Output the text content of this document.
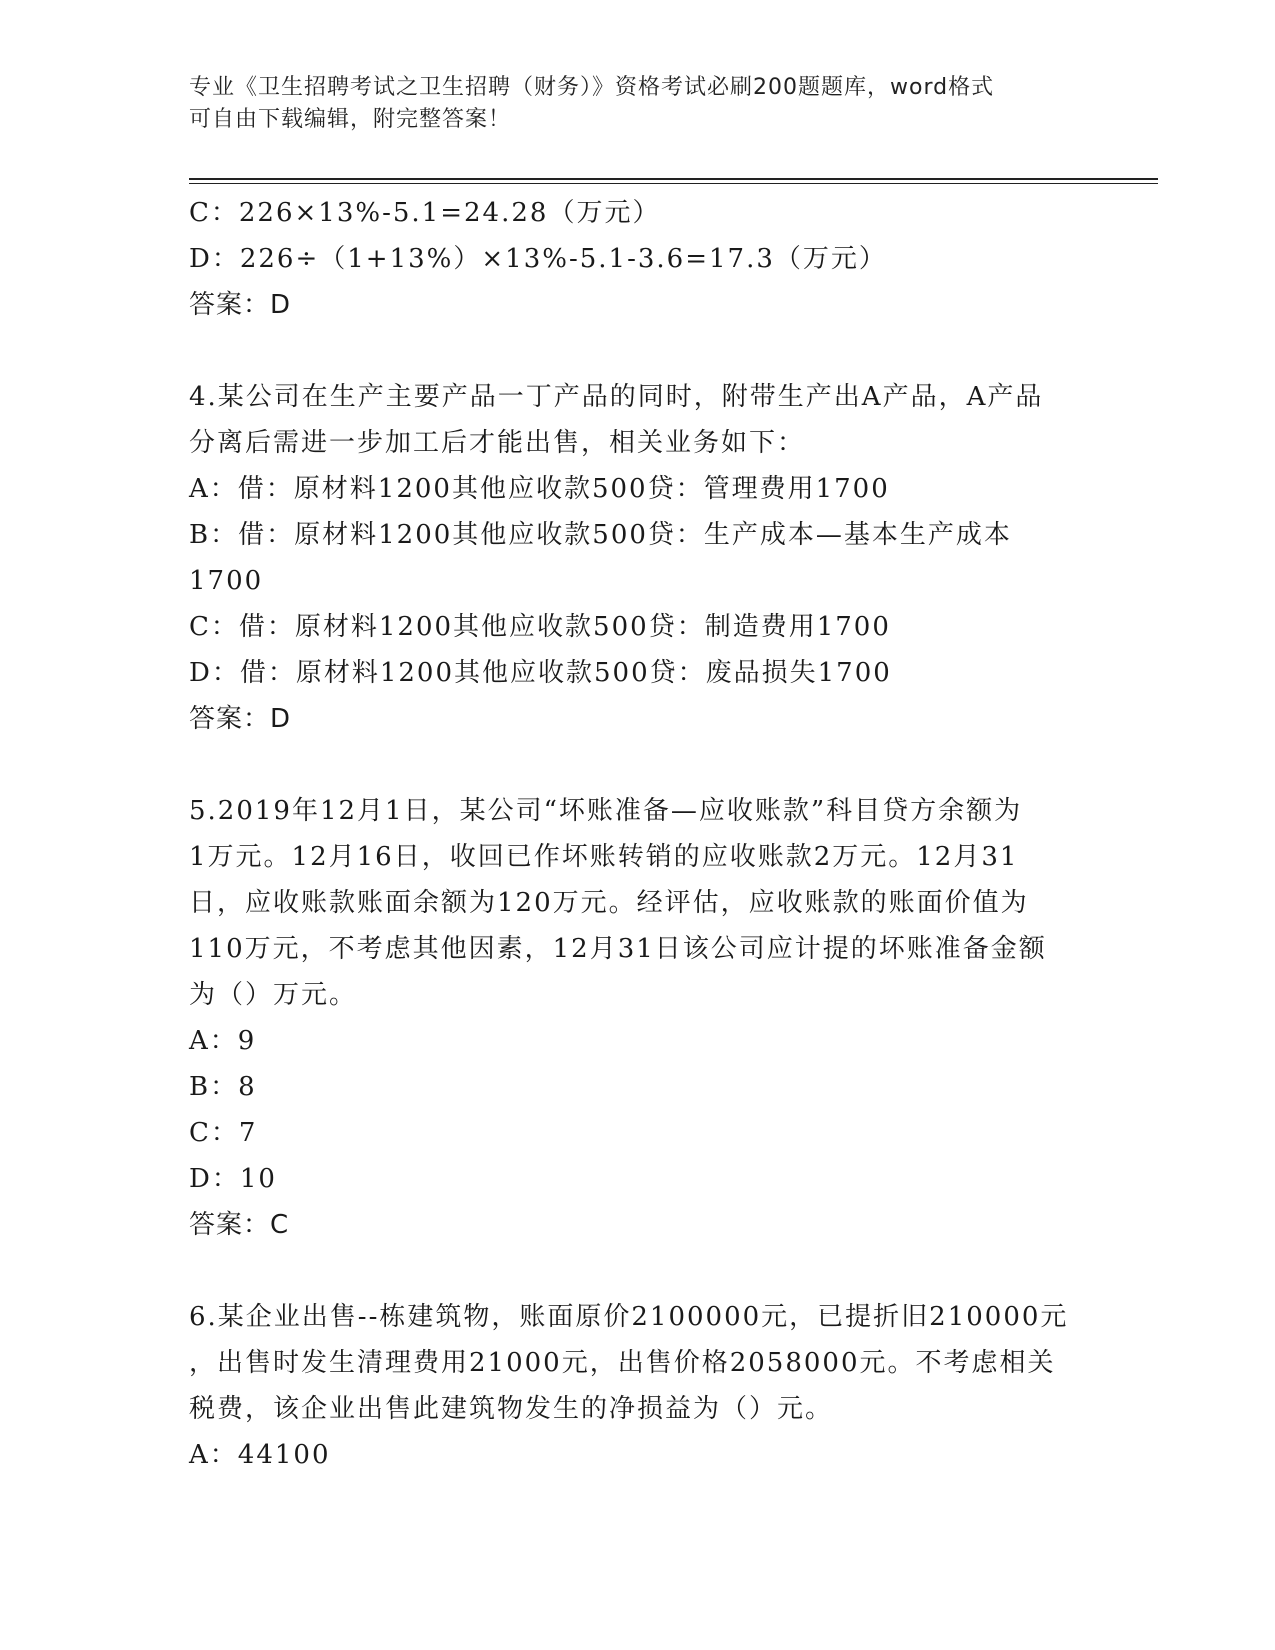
专业《卫生招聘考试之卫生招聘（财务）》资格考试必刷200题题库，word格式
可自由下载编辑，附完整答案！
C：226×13%-5.1=24.28（万元）
D：226÷（1+13%）×13%-5.1-3.6=17.3（万元）
答案：D
4.某公司在生产主要产品一丁产品的同时，附带生产出A产品，A产品
分离后需进一步加工后才能出售，相关业务如下：
A：借：原材料1200其他应收款500贷：管理费用1700
B：借：原材料1200其他应收款500贷：生产成本—基本生产成本
1700
C：借：原材料1200其他应收款500贷：制造费用1700
D：借：原材料1200其他应收款500贷：废品损失1700
答案：D
5.2019年12月1日，某公司“坏账准备—应收账款”科目贷方余额为
1万元。12月16日，收回已作坏账转销的应收账款2万元。12月31
日，应收账款账面余额为120万元。经评估，应收账款的账面价值为
110万元，不考虑其他因素，12月31日该公司应计提的坏账准备金额
为（）万元。
A：9
B：8
C：7
D：10
答案：C
6.某企业出售--栋建筑物，账面原价2100000元，已提折旧210000元
，出售时发生清理费用21000元，出售价格2058000元。不考虑相关
税费，该企业出售此建筑物发生的净损益为（）元。
A：44100
